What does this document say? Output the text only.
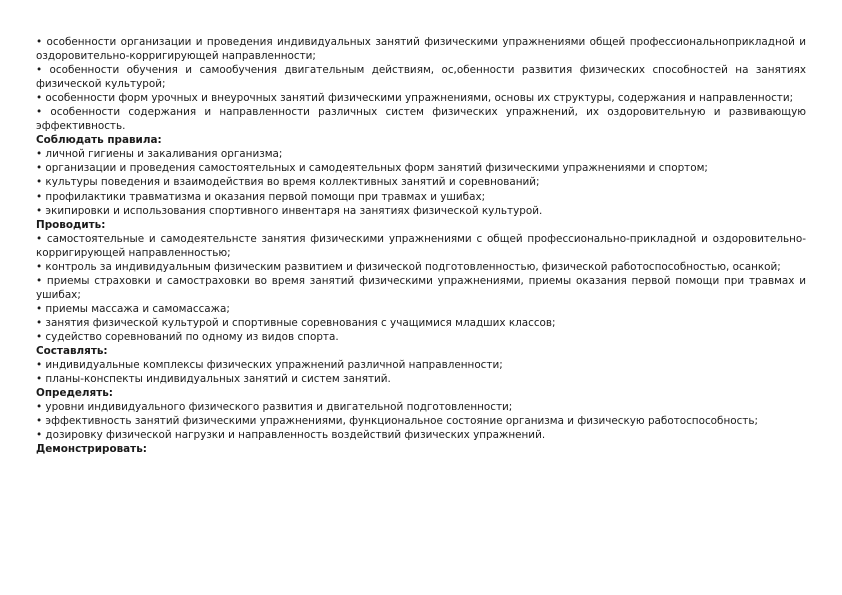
• особенности организации и проведения индивидуальных занятий физическими упражнениями общей профессиональноприкладной и оздоровительно-корригирующей направленности;

• особенности обучения и самообучения двигательным действиям, ос,обенности развития физических способностей на занятиях физической культурой;

• особенности форм урочных и внеурочных занятий физическими упражнениями, основы их структуры, содержания и направленности;

• особенности содержания и направленности различных систем физических упражнений, их оздоровительную и развивающую эффективность.

Соблюдать правила:

• личной гигиены и закаливания организма;

• организации и проведения самостоятельных и самодеятельных форм занятий физическими упражнениями и спортом;

• культуры поведения и взаимодействия во время коллективных занятий и соревнований;

• профилактики травматизма и оказания первой помощи при травмах и ушибах;

• экипировки и использования спортивного инвентаря на занятиях физической культурой.

Проводить:

• самостоятельные и самодеятельнсте занятия физическими упражнениями с общей профессионально-прикладной и оздоровительно-корригирующей направленностью;

• контроль за индивидуальным физическим развитием и физической подготовленностью, физической работоспособностью, осанкой;

• приемы страховки и самостраховки во время занятий физическими упражнениями, приемы оказания первой помощи при травмах и ушибах;

• приемы массажа и самомассажа;

• занятия физической культурой и спортивные соревнования с учащимися младших классов;

• судейство соревнований по одному из видов спорта.

Составлять:

• индивидуальные комплексы физических упражнений различной направленности;

• планы-конспекты индивидуальных занятий и систем занятий.

Определять:

• уровни индивидуального физического развития и двигательной подготовленности;

• эффективность занятий физическими упражнениями, функциональное состояние организма и физическую работоспособность;

• дозировку физической нагрузки и направленность воздействий физических упражнений.

Демонстрировать:
